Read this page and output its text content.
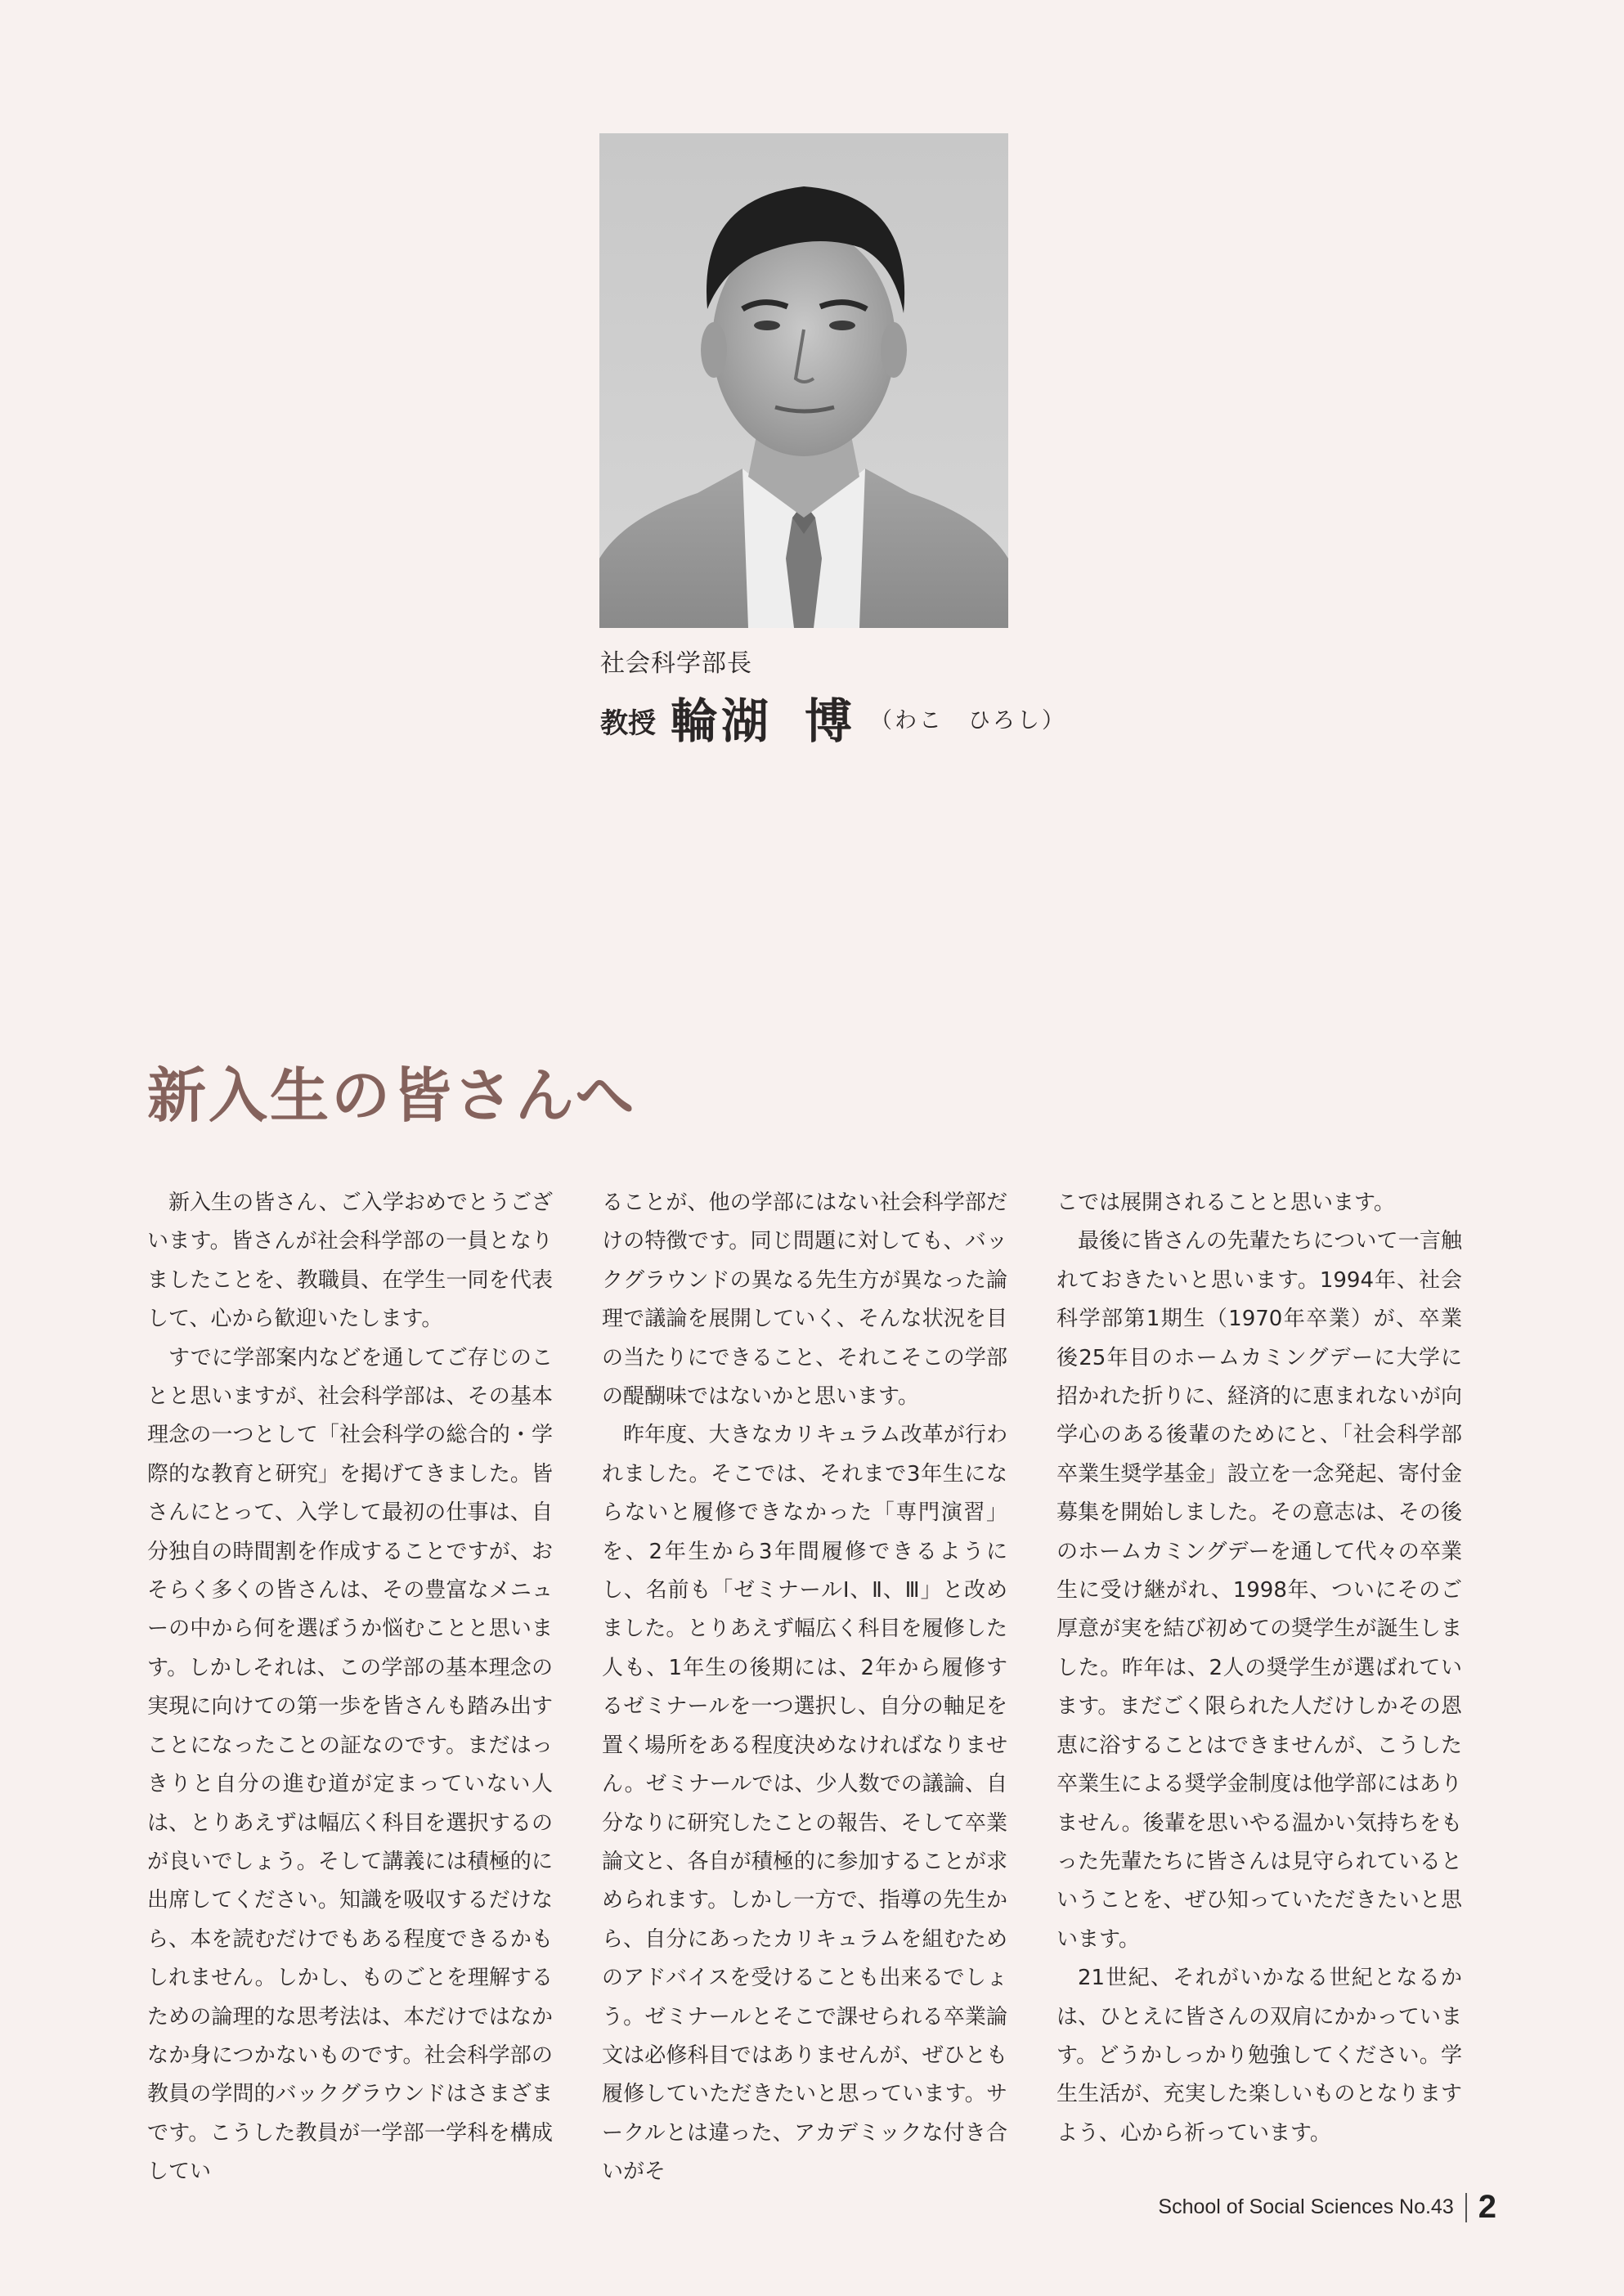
社会科学部長
教授 輪湖 博 （わこ　ひろし）
新入生の皆さんへ

新入生の皆さん、ご入学おめでとうございます。皆さんが社会科学部の一員となりましたことを、教職員、在学生一同を代表して、心から歓迎いたします。

すでに学部案内などを通してご存じのことと思いますが、社会科学部は、その基本理念の一つとして「社会科学の総合的・学際的な教育と研究」を掲げてきました。皆さんにとって、入学して最初の仕事は、自分独自の時間割を作成することですが、おそらく多くの皆さんは、その豊富なメニューの中から何を選ぼうか悩むことと思います。しかしそれは、この学部の基本理念の実現に向けての第一歩を皆さんも踏み出すことになったことの証なのです。まだはっきりと自分の進む道が定まっていない人は、とりあえずは幅広く科目を選択するのが良いでしょう。そして講義には積極的に出席してください。知識を吸収するだけなら、本を読むだけでもある程度できるかもしれません。しかし、ものごとを理解するための論理的な思考法は、本だけではなかなか身につかないものです。社会科学部の教員の学問的バックグラウンドはさまざまです。こうした教員が一学部一学科を構成してい

ることが、他の学部にはない社会科学部だけの特徴です。同じ問題に対しても、バックグラウンドの異なる先生方が異なった論理で議論を展開していく、そんな状況を目の当たりにできること、それこそこの学部の醍醐味ではないかと思います。

昨年度、大きなカリキュラム改革が行われました。そこでは、それまで3年生にならないと履修できなかった「専門演習」を、2年生から3年間履修できるようにし、名前も「ゼミナールⅠ、Ⅱ、Ⅲ」と改めました。とりあえず幅広く科目を履修した人も、1年生の後期には、2年から履修するゼミナールを一つ選択し、自分の軸足を置く場所をある程度決めなければなりません。ゼミナールでは、少人数での議論、自分なりに研究したことの報告、そして卒業論文と、各自が積極的に参加することが求められます。しかし一方で、指導の先生から、自分にあったカリキュラムを組むためのアドバイスを受けることも出来るでしょう。ゼミナールとそこで課せられる卒業論文は必修科目ではありませんが、ぜひとも履修していただきたいと思っています。サークルとは違った、アカデミックな付き合いがそ

こでは展開されることと思います。

最後に皆さんの先輩たちについて一言触れておきたいと思います。1994年、社会科学部第1期生（1970年卒業）が、卒業後25年目のホームカミングデーに大学に招かれた折りに、経済的に恵まれないが向学心のある後輩のためにと、「社会科学部卒業生奨学基金」設立を一念発起、寄付金募集を開始しました。その意志は、その後のホームカミングデーを通して代々の卒業生に受け継がれ、1998年、ついにそのご厚意が実を結び初めての奨学生が誕生しました。昨年は、2人の奨学生が選ばれています。まだごく限られた人だけしかその恩恵に浴することはできませんが、こうした卒業生による奨学金制度は他学部にはありません。後輩を思いやる温かい気持ちをもった先輩たちに皆さんは見守られているということを、ぜひ知っていただきたいと思います。

21世紀、それがいかなる世紀となるかは、ひとえに皆さんの双肩にかかっています。どうかしっかり勉強してください。学生生活が、充実した楽しいものとなりますよう、心から祈っています。

School of Social Sciences No.43 2
